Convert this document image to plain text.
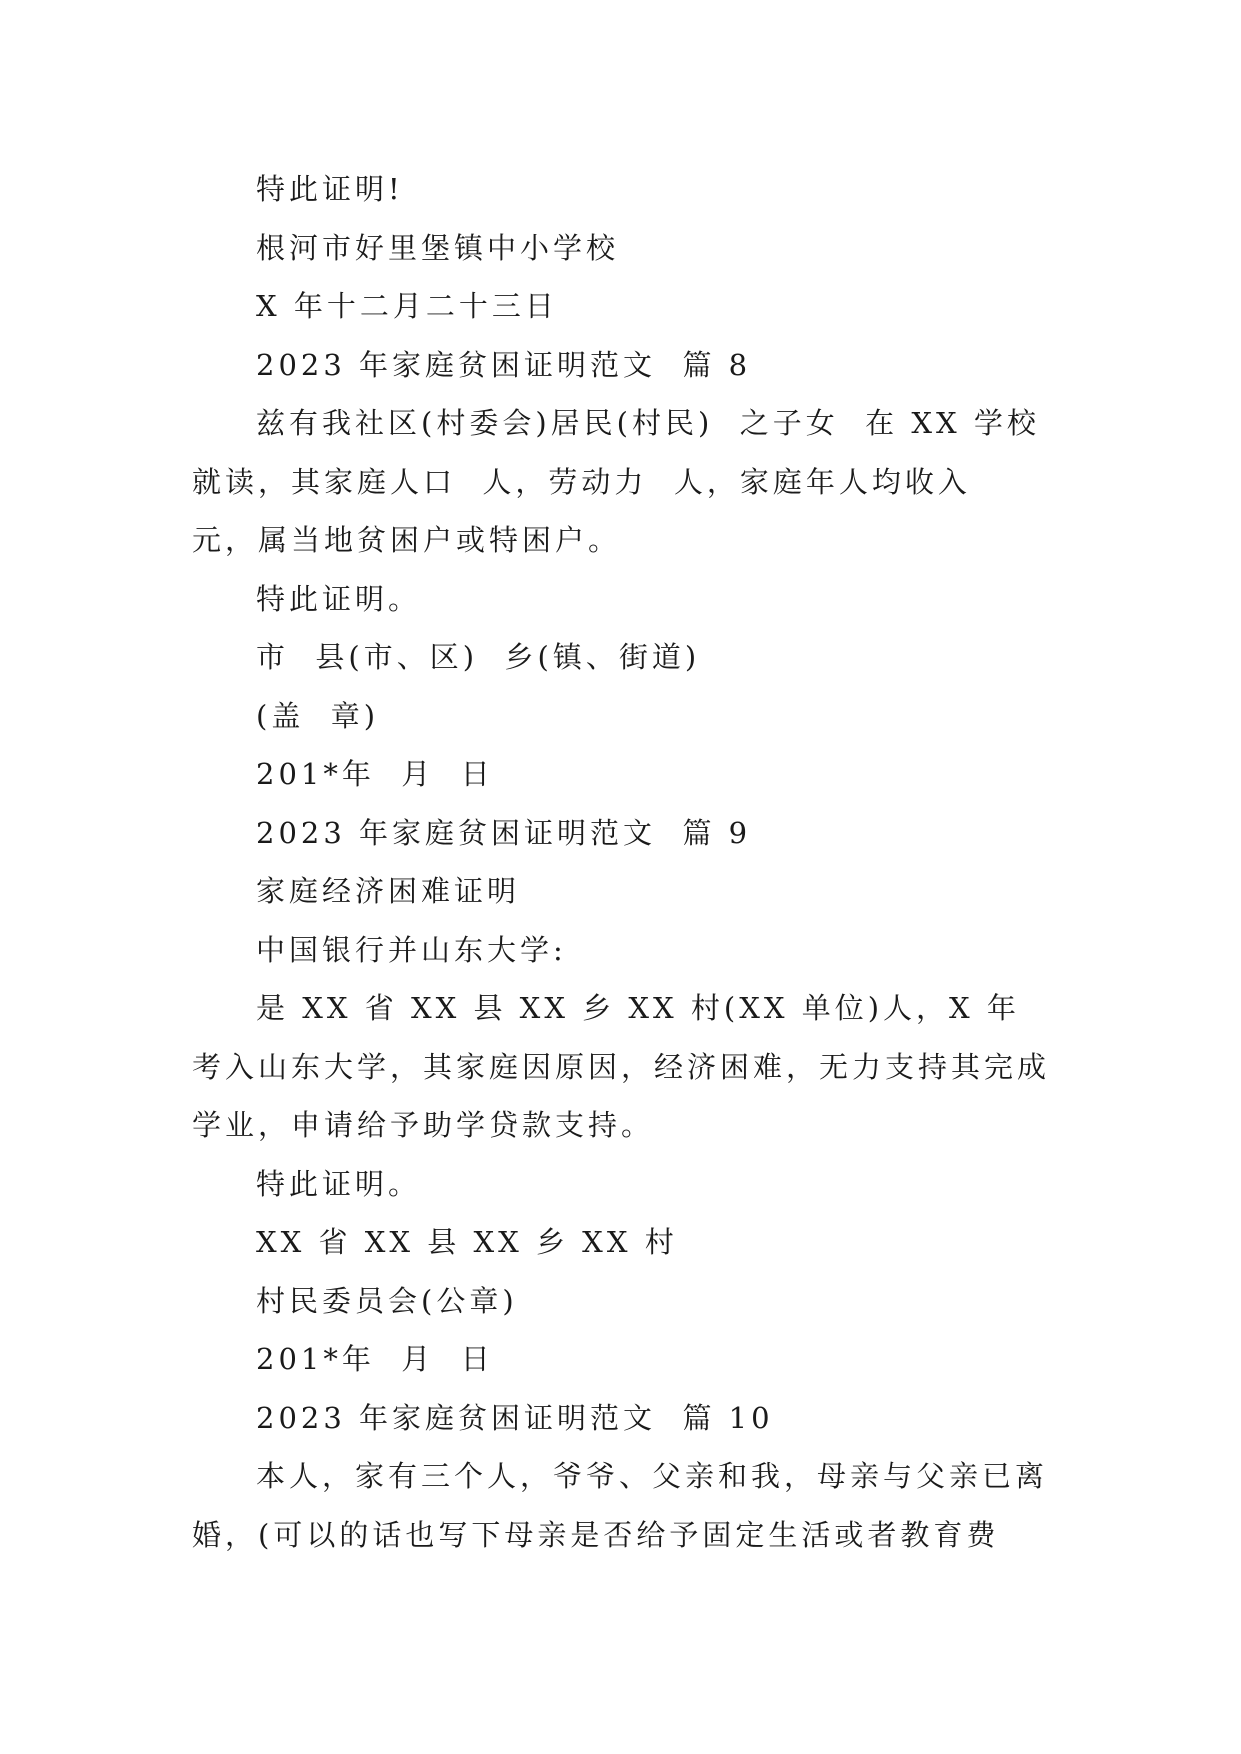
特此证明!

根河市好里堡镇中小学校

X 年十二月二十三日

2023 年家庭贫困证明范文  篇 8

兹有我社区(村委会)居民(村民)  之子女  在 XX 学校就读，其家庭人口  人，劳动力  人，家庭年人均收入  元，属当地贫困户或特困户。

特此证明。

市  县(市、区)  乡(镇、街道)

(盖  章)

201*年  月  日

2023 年家庭贫困证明范文  篇 9

家庭经济困难证明

中国银行并山东大学:

是 XX 省 XX 县 XX 乡 XX 村(XX 单位)人，X 年考入山东大学，其家庭因原因，经济困难，无力支持其完成学业，申请给予助学贷款支持。

特此证明。

XX 省 XX 县 XX 乡 XX 村

村民委员会(公章)

201*年  月  日

2023 年家庭贫困证明范文  篇 10

本人，家有三个人，爷爷、父亲和我，母亲与父亲已离婚，(可以的话也写下母亲是否给予固定生活或者教育费
